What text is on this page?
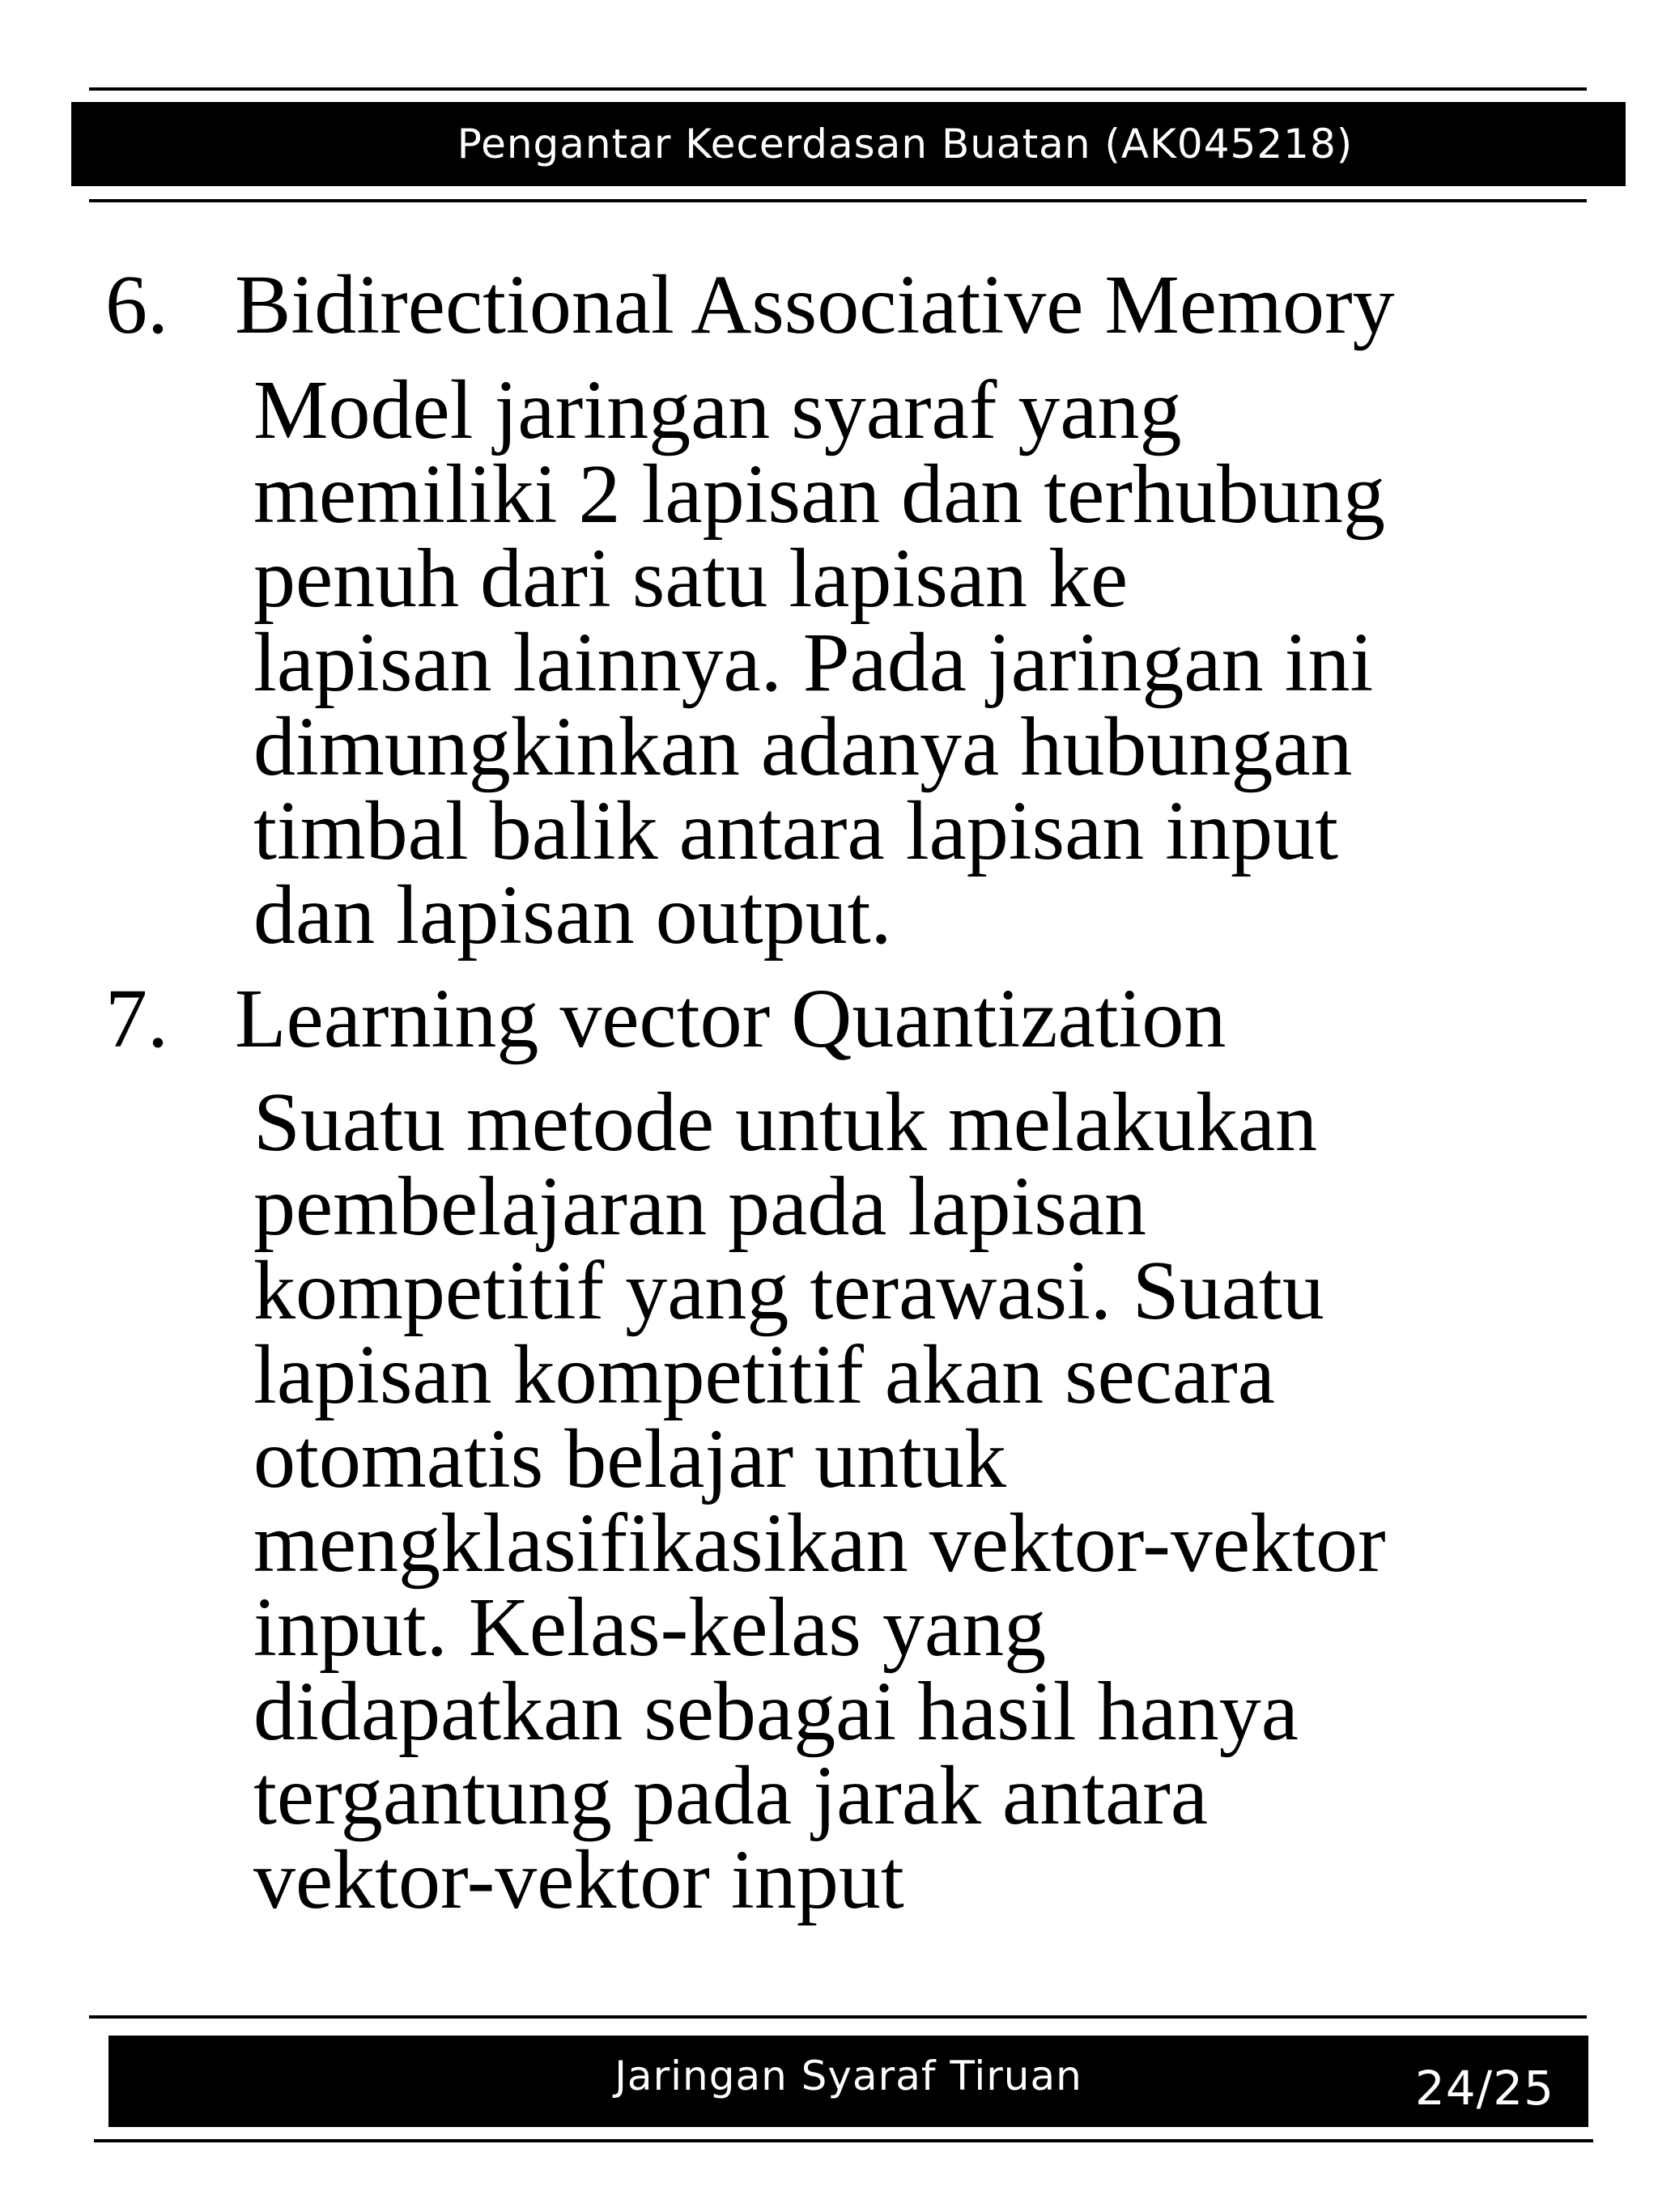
Pengantar Kecerdasan Buatan (AK045218)
6. Bidirectional Associative Memory
Model jaringan syaraf yang
memiliki 2 lapisan dan terhubung
penuh dari satu lapisan ke
lapisan lainnya. Pada jaringan ini
dimungkinkan adanya hubungan
timbal balik antara lapisan input
dan lapisan output.
7. Learning vector Quantization
Suatu metode untuk melakukan
pembelajaran pada lapisan
kompetitif yang terawasi. Suatu
lapisan kompetitif akan secara
otomatis belajar untuk
mengklasifikasikan vektor-vektor
input. Kelas-kelas yang
didapatkan sebagai hasil hanya
tergantung pada jarak antara
vektor-vektor input
Jaringan Syaraf Tiruan	24/25
